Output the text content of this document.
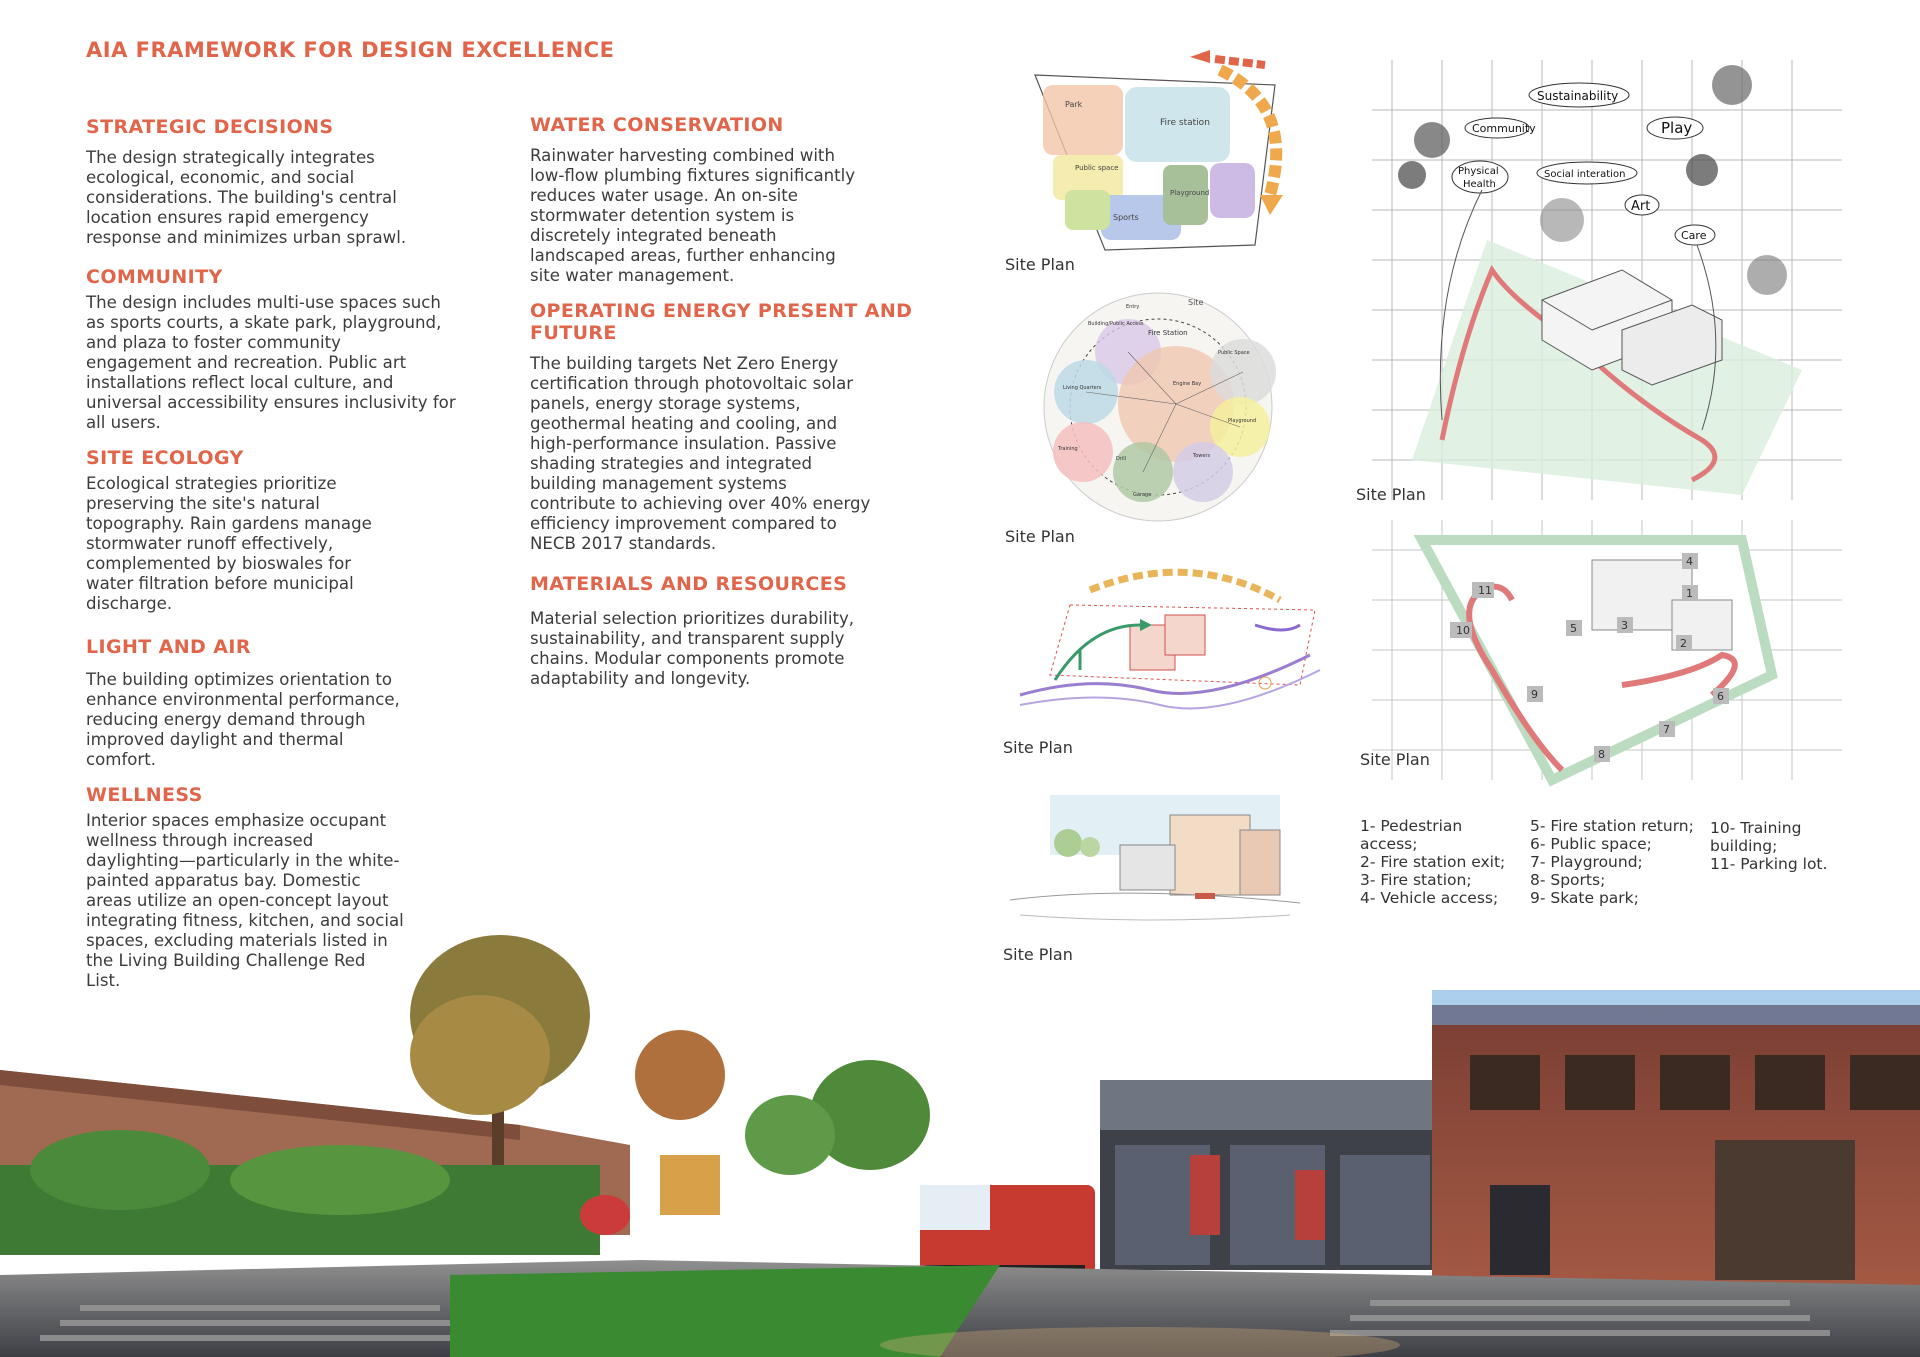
AIA FRAMEWORK FOR DESIGN EXCELLENCE
STRATEGIC DECISIONS
The design strategically integrates
ecological, economic, and social
considerations. The building's central
location ensures rapid emergency
response and minimizes urban sprawl.
COMMUNITY
The design includes multi-use spaces such
as sports courts, a skate park, playground,
and plaza to foster community
engagement and recreation. Public art
installations reflect local culture, and
universal accessibility ensures inclusivity for
all users.
SITE ECOLOGY
Ecological strategies prioritize
preserving the site's natural
topography. Rain gardens manage
stormwater runoff effectively,
complemented by bioswales for
water filtration before municipal
discharge.
LIGHT AND AIR
The building optimizes orientation to
enhance environmental performance,
reducing energy demand through
improved daylight and thermal
comfort.
WELLNESS
Interior spaces emphasize occupant
wellness through increased
daylighting—particularly in the white-
painted apparatus bay. Domestic
areas utilize an open-concept layout
integrating fitness, kitchen, and social
spaces, excluding materials listed in
the Living Building Challenge Red
List.
WATER CONSERVATION
Rainwater harvesting combined with
low-flow plumbing fixtures significantly
reduces water usage. An on-site
stormwater detention system is
discretely integrated beneath
landscaped areas, further enhancing
site water management.
OPERATING ENERGY PRESENT AND
FUTURE
The building targets Net Zero Energy
certification through photovoltaic solar
panels, energy storage systems,
geothermal heating and cooling, and
high-performance insulation. Passive
shading strategies and integrated
building management systems
contribute to achieving over 40% energy
efficiency improvement compared to
NECB 2017 standards.
MATERIALS AND RESOURCES
Material selection prioritizes durability,
sustainability, and transparent supply
chains. Modular components promote
adaptability and longevity.
Fire station
Public space
Playground
Sports
Park
Site Plan
Site
Fire Station
Building/Public Access
Entry
Living Quarters
Engine Bay
Public Space
Playground
Towers
Garage
Training
Drill
Site Plan
Site Plan
Site Plan
Sustainability
Community	Play
Physical
Health
Social interation
Art
Care
Site Plan
10
11	1
2
3
4
5
6
7
8
9
Site Plan
1- Pedestrian
access;
2- Fire station exit;
3- Fire station;
4- Vehicle access;
5- Fire station return;
6- Public space;
7- Playground;
8- Sports;
9- Skate park;
10- Training
building;
11- Parking lot.
